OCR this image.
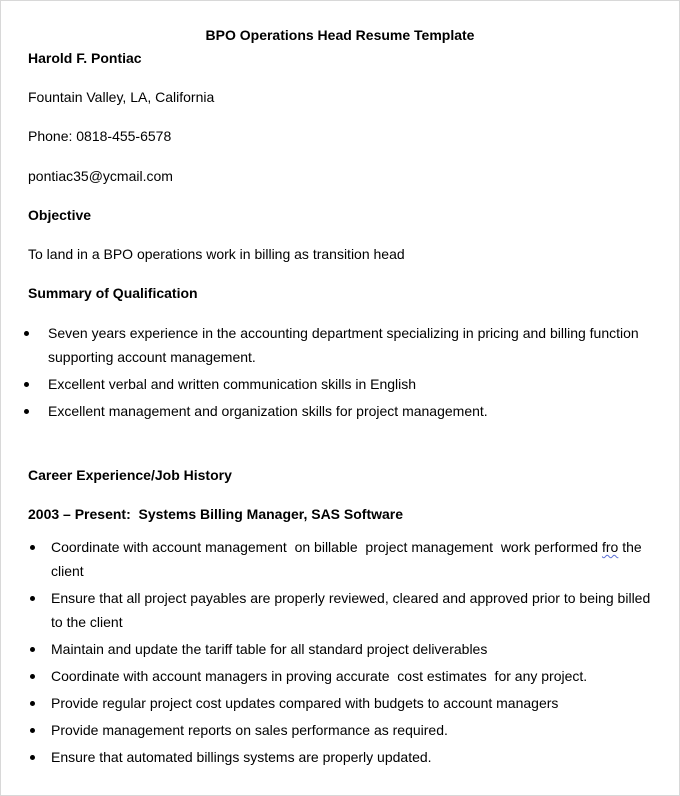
BPO Operations Head Resume Template
Harold F. Pontiac
Fountain Valley, LA, California
Phone: 0818-455-6578
pontiac35@ycmail.com
Objective
To land in a BPO operations work in billing as transition head
Summary of Qualification
Seven years experience in the accounting department specializing in pricing and billing function
supporting account management.
Excellent verbal and written communication skills in English
Excellent management and organization skills for project management.
Career Experience/Job History
2003 – Present:  Systems Billing Manager, SAS Software
Coordinate with account management  on billable  project management  work performed fro the
client
Ensure that all project payables are properly reviewed, cleared and approved prior to being billed
to the client
Maintain and update the tariff table for all standard project deliverables
Coordinate with account managers in proving accurate  cost estimates  for any project.
Provide regular project cost updates compared with budgets to account managers
Provide management reports on sales performance as required.
Ensure that automated billings systems are properly updated.
